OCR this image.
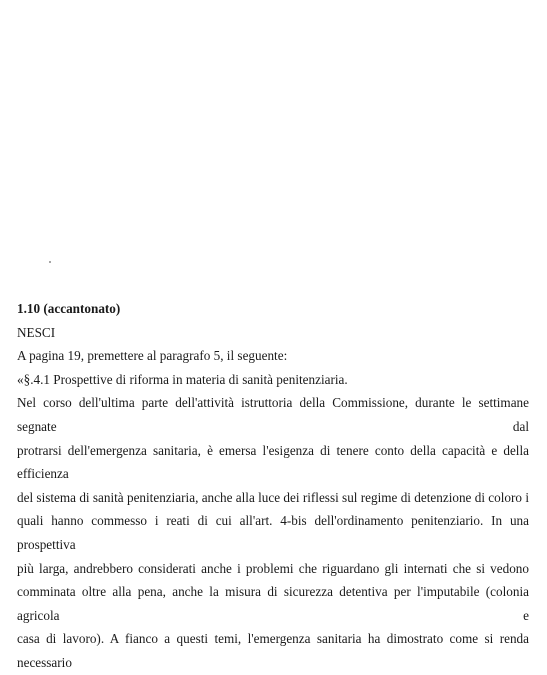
1.10 (accantonato)
NESCI
A pagina 19, premettere al paragrafo 5, il seguente:
«§.4.1 Prospettive di riforma in materia di sanità penitenziaria.
Nel corso dell'ultima parte dell'attività istruttoria della Commissione, durante le settimane segnate dal
protrarsi dell'emergenza sanitaria, è emersa l'esigenza di tenere conto della capacità e della efficienza
del sistema di sanità penitenziaria, anche alla luce dei riflessi sul regime di detenzione di coloro i
quali hanno commesso i reati di cui all'art. 4-bis dell'ordinamento penitenziario. In una prospettiva
più larga, andrebbero considerati anche i problemi che riguardano gli internati che si vedono
comminata oltre alla pena, anche la misura di sicurezza detentiva per l'imputabile (colonia agricola e
casa di lavoro). A fianco a questi temi, l'emergenza sanitaria ha dimostrato come si renda necessario
